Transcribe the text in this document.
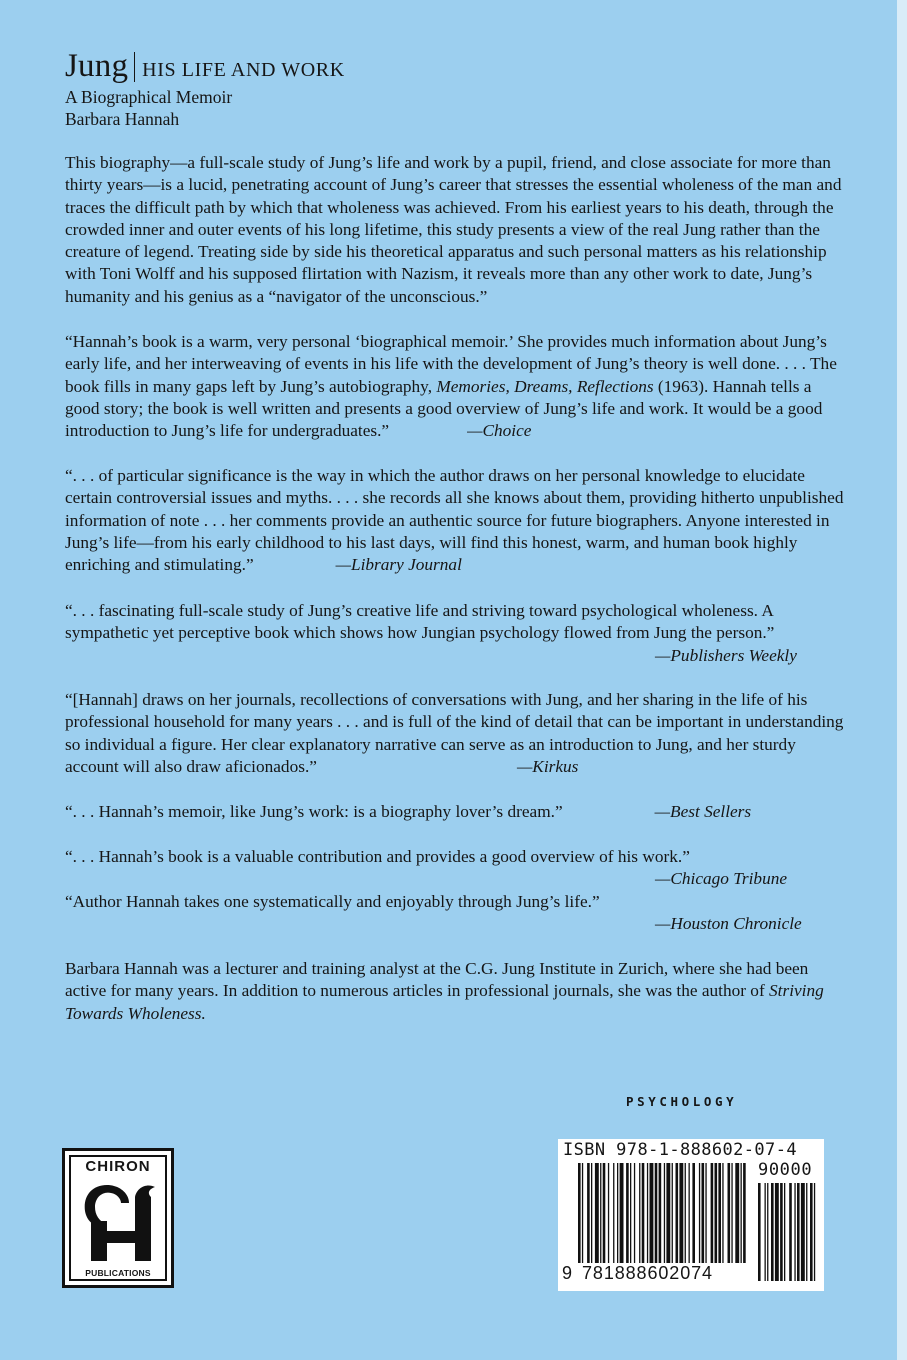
Jung HIS LIFE AND WORK
A Biographical Memoir
Barbara Hannah

This biography—a full-scale study of Jung’s life and work by a pupil, friend, and close associate for more than thirty years—is a lucid, penetrating account of Jung’s career that stresses the essential wholeness of the man and traces the difficult path by which that wholeness was achieved. From his earliest years to his death, through the crowded inner and outer events of his long lifetime, this study presents a view of the real Jung rather than the creature of legend. Treating side by side his theoretical apparatus and such personal matters as his relationship with Toni Wolff and his supposed flirtation with Nazism, it reveals more than any other work to date, Jung’s humanity and his genius as a “navigator of the unconscious.”

“Hannah’s book is a warm, very personal ‘biographical memoir.’ She provides much information about Jung’s early life, and her interweaving of events in his life with the development of Jung’s theory is well done. . . . The book fills in many gaps left by Jung’s autobiography, Memories, Dreams, Reflections (1963). Hannah tells a good story; the book is well written and presents a good overview of Jung’s life and work. It would be a good introduction to Jung’s life for undergraduates.”	—Choice

“. . . of particular significance is the way in which the author draws on her personal knowledge to elucidate certain controversial issues and myths. . . . she records all she knows about them, providing hitherto unpublished information of note . . . her comments provide an authentic source for future biographers. Anyone interested in Jung’s life—from his early childhood to his last days, will find this honest, warm, and human book highly enriching and stimulating.”	—Library Journal

“. . . fascinating full-scale study of Jung’s creative life and striving toward psychological wholeness. A sympathetic yet perceptive book which shows how Jungian psychology flowed from Jung the person.”
—Publishers Weekly

“[Hannah] draws on her journals, recollections of conversations with Jung, and her sharing in the life of his professional household for many years . . . and is full of the kind of detail that can be important in understanding so individual a figure. Her clear explanatory narrative can serve as an introduction to Jung, and her sturdy account will also draw aficionados.”	—Kirkus

“. . . Hannah’s memoir, like Jung’s work: is a biography lover’s dream.”	—Best Sellers

“. . . Hannah’s book is a valuable contribution and provides a good overview of his work.”
—Chicago Tribune

“Author Hannah takes one systematically and enjoyably through Jung’s life.”
—Houston Chronicle

Barbara Hannah was a lecturer and training analyst at the C.G. Jung Institute in Zurich, where she had been active for many years. In addition to numerous articles in professional journals, she was the author of Striving Towards Wholeness.

PSYCHOLOGY
CHIRON
PUBLICATIONS
ISBN 978-1-888602-07-4
90000
9 781888602074
